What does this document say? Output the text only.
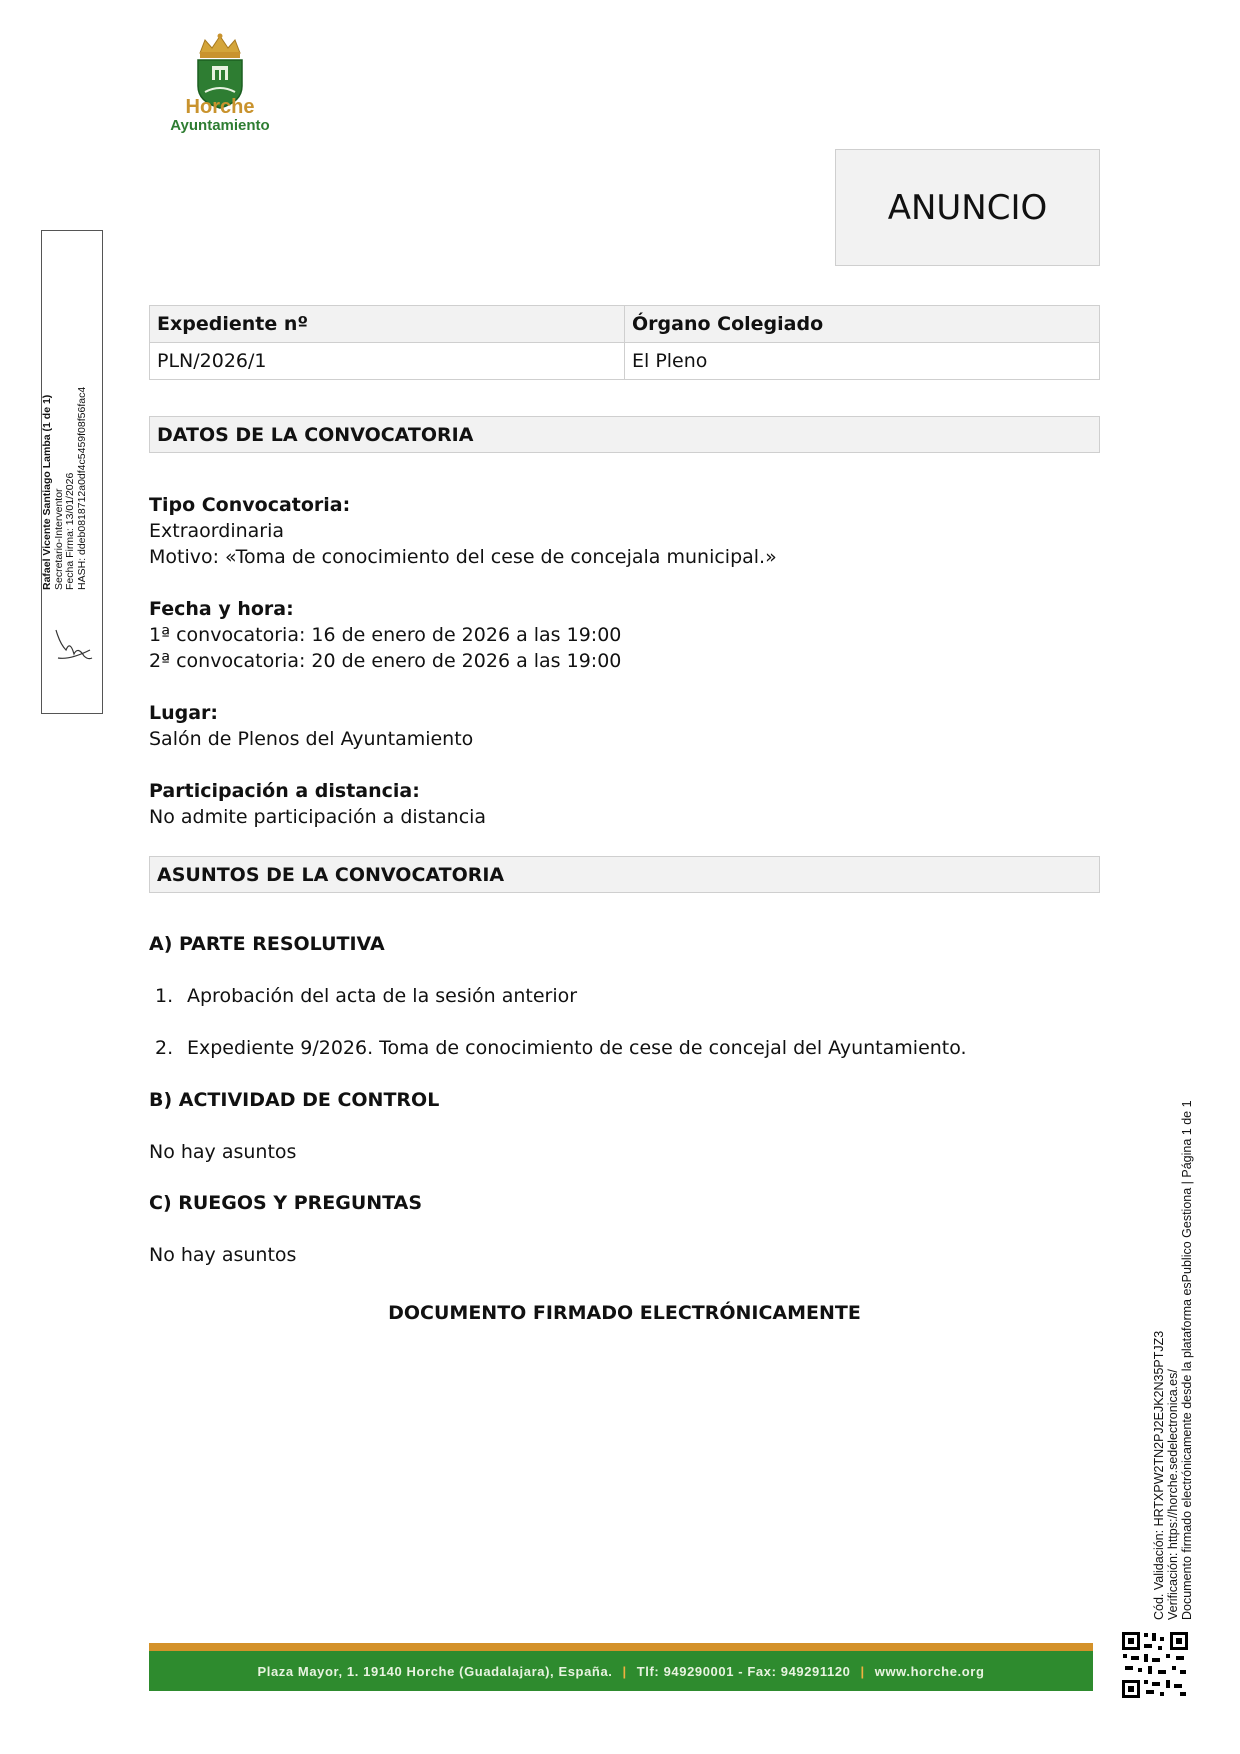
Horche
Ayuntamiento
Rafael Vicente Santiago Lamba (1 de 1) Secretario-Interventor Fecha Firma: 13/01/2026 HASH: ddeb0818712a0df4c5459f08f56fac4
ANUNCIO
Expediente nº	Órgano Colegiado
PLN/2026/1	El Pleno
DATOS DE LA CONVOCATORIA
Tipo Convocatoria:
Extraordinaria
Motivo: «Toma de conocimiento del cese de concejala municipal.»
Fecha y hora:
1ª convocatoria: 16 de enero de 2026 a las 19:00
2ª convocatoria: 20 de enero de 2026 a las 19:00
Lugar:
Salón de Plenos del Ayuntamiento
Participación a distancia:
No admite participación a distancia
ASUNTOS DE LA CONVOCATORIA
A) PARTE RESOLUTIVA
1. Aprobación del acta de la sesión anterior
2. Expediente 9/2026. Toma de conocimiento de cese de concejal del Ayuntamiento.
B) ACTIVIDAD DE CONTROL
No hay asuntos
C) RUEGOS Y PREGUNTAS
No hay asuntos
DOCUMENTO FIRMADO ELECTRÓNICAMENTE
Cód. Validación: HRTXPW2TN2PJ2EJK2N35PTJZ3 Verificación: https://horche.sedelectronica.es/ Documento firmado electrónicamente desde la plataforma esPublico Gestiona | Página 1 de 1
Plaza Mayor, 1. 19140 Horche (Guadalajara), España. | Tlf: 949290001 - Fax: 949291120 | www.horche.org
